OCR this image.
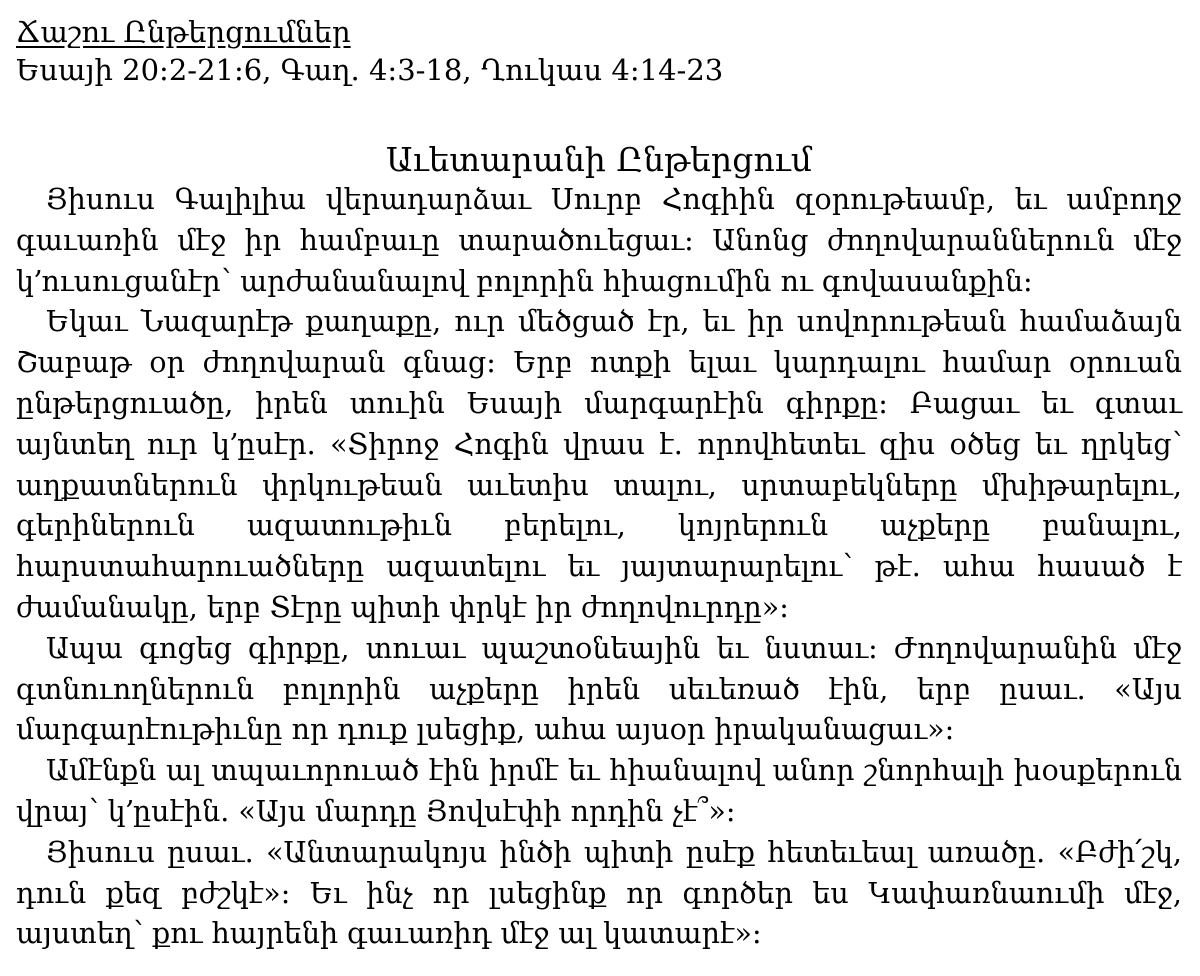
Ճաշու Ընթերցումներ

Եսայի 20:2-21:6, Գաղ. 4:3-18, Ղուկաս 4:14-23

Աւետարանի Ընթերցում

Յիսուս Գալիլիա վերադարձաւ Սուրբ Հոգիին զօրութեամբ, եւ ամբողջ գաւառին մէջ իր համբաւը տարածուեցաւ: Անոնց ժողովարաններուն մէջ կ՚ուսուցանէր՝ արժանանալով բոլորին հիացումին ու գովասանքին:

Եկաւ Նազարէթ քաղաքը, ուր մեծցած էր, եւ իր սովորութեան համաձայն Շաբաթ օր ժողովարան գնաց: Երբ ոտքի ելաւ կարդալու համար օրուան ընթերցուածը, իրեն տուին Եսայի մարգարէին գիրքը: Բացաւ եւ գտաւ այնտեղ ուր կ՚ըսէր. «Տիրոջ Հոգին վրաս է. որովհետեւ զիս օծեց եւ ղրկեց՝ աղքատներուն փրկութեան աւետիս տալու, սրտաբեկները մխիթարելու, գերիներուն ազատութիւն բերելու, կոյրերուն աչքերը բանալու, հարստահարուածները ազատելու եւ յայտարարելու՝ թէ. ահա հասած է ժամանակը, երբ Տէրը պիտի փրկէ իր ժողովուրդը»:

Ապա գոցեց գիրքը, տուաւ պաշտօնեային եւ նստաւ: Ժողովարանին մէջ գտնուողներուն բոլորին աչքերը իրեն սեւեռած էին, երբ ըսաւ. «Այս մարգարէութիւնը որ դուք լսեցիք, ահա այսօր իրականացաւ»:

Ամէնքն ալ տպաւորուած էին իրմէ եւ հիանալով անոր շնորհալի խօսքերուն վրայ՝ կ՚ըսէին. «Այս մարդը Յովսէփի որդին չէ՞»:

Յիսուս ըսաւ. «Անտարակոյս ինծի պիտի ըսէք հետեւեալ առածը. «Բժի՛շկ, դուն քեզ բժշկէ»: Եւ ինչ որ լսեցինք որ գործեր ես Կափառնաումի մէջ, այստեղ՝ քու հայրենի գաւառիդ մէջ ալ կատարէ»:
